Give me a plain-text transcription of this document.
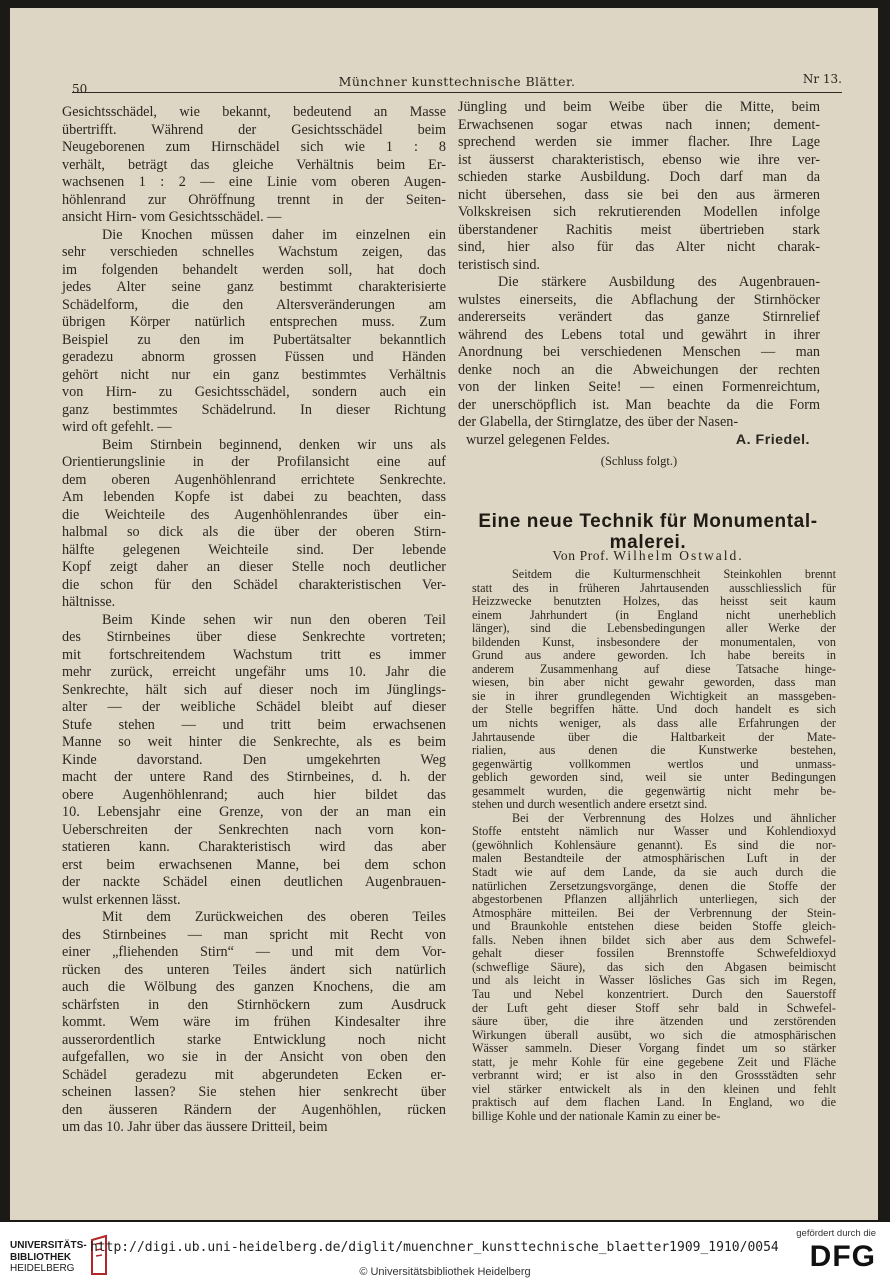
50	Münchner kunsttechnische Blätter.	Nr 13.

Gesichtsschädel, wie bekannt, bedeutend an Masse
übertrifft. Während der Gesichtsschädel beim
Neugeborenen zum Hirnschädel sich wie 1 : 8
verhält, beträgt das gleiche Verhältnis beim Er-
wachsenen 1 : 2 — eine Linie vom oberen Augen-
höhlenrand zur Ohröffnung trennt in der Seiten-
ansicht Hirn- vom Gesichtsschädel. —

Die Knochen müssen daher im einzelnen ein
sehr verschieden schnelles Wachstum zeigen, das
im folgenden behandelt werden soll, hat doch
jedes Alter seine ganz bestimmt charakterisierte
Schädelform, die den Altersveränderungen am
übrigen Körper natürlich entsprechen muss. Zum
Beispiel zu den im Pubertätsalter bekanntlich
geradezu abnorm grossen Füssen und Händen
gehört nicht nur ein ganz bestimmtes Verhältnis
von Hirn- zu Gesichtsschädel, sondern auch ein
ganz bestimmtes Schädelrund. In dieser Richtung
wird oft gefehlt. —

Beim Stirnbein beginnend, denken wir uns als
Orientierungslinie in der Profilansicht eine auf
dem oberen Augenhöhlenrand errichtete Senkrechte.
Am lebenden Kopfe ist dabei zu beachten, dass
die Weichteile des Augenhöhlenrandes über ein-
halbmal so dick als die über der oberen Stirn-
hälfte gelegenen Weichteile sind. Der lebende
Kopf zeigt daher an dieser Stelle noch deutlicher
die schon für den Schädel charakteristischen Ver-
hältnisse.

Beim Kinde sehen wir nun den oberen Teil
des Stirnbeines über diese Senkrechte vortreten;
mit fortschreitendem Wachstum tritt es immer
mehr zurück, erreicht ungefähr ums 10. Jahr die
Senkrechte, hält sich auf dieser noch im Jünglings-
alter — der weibliche Schädel bleibt auf dieser
Stufe stehen — und tritt beim erwachsenen
Manne so weit hinter die Senkrechte, als es beim
Kinde davorstand. Den umgekehrten Weg
macht der untere Rand des Stirnbeines, d. h. der
obere Augenhöhlenrand; auch hier bildet das
10. Lebensjahr eine Grenze, von der an man ein
Ueberschreiten der Senkrechten nach vorn kon-
statieren kann. Charakteristisch wird das aber
erst beim erwachsenen Manne, bei dem schon
der nackte Schädel einen deutlichen Augenbrauen-
wulst erkennen lässt.

Mit dem Zurückweichen des oberen Teiles
des Stirnbeines — man spricht mit Recht von
einer „fliehenden Stirn“ — und mit dem Vor-
rücken des unteren Teiles ändert sich natürlich
auch die Wölbung des ganzen Knochens, die am
schärfsten in den Stirnhöckern zum Ausdruck
kommt. Wem wäre im frühen Kindesalter ihre
ausserordentlich starke Entwicklung noch nicht
aufgefallen, wo sie in der Ansicht von oben den
Schädel geradezu mit abgerundeten Ecken er-
scheinen lassen? Sie stehen hier senkrecht über
den äusseren Rändern der Augenhöhlen, rücken
um das 10. Jahr über das äussere Dritteil, beim

Jüngling und beim Weibe über die Mitte, beim
Erwachsenen sogar etwas nach innen; dement-
sprechend werden sie immer flacher. Ihre Lage
ist äusserst charakteristisch, ebenso wie ihre ver-
schieden starke Ausbildung. Doch darf man da
nicht übersehen, dass sie bei den aus ärmeren
Volkskreisen sich rekrutierenden Modellen infolge
überstandener Rachitis meist übertrieben stark
sind, hier also für das Alter nicht charak-
teristisch sind.

Die stärkere Ausbildung des Augenbrauen-
wulstes einerseits, die Abflachung der Stirnhöcker
andererseits verändert das ganze Stirnrelief
während des Lebens total und gewährt in ihrer
Anordnung bei verschiedenen Menschen — man
denke noch an die Abweichungen der rechten
von der linken Seite! — einen Formenreichtum,
der unerschöpflich ist. Man beachte da die Form
der Glabella, der Stirnglatze, des über der Nasen-

wurzel gelegenen Feldes.	A. Friedel.
(Schluss folgt.)
Eine neue Technik für Monumental-
malerei.
Von Prof. Wilhelm Ostwald.

Seitdem die Kulturmenschheit Steinkohlen brennt
statt des in früheren Jahrtausenden ausschliesslich für
Heizzwecke benutzten Holzes, das heisst seit kaum
einem Jahrhundert (in England nicht unerheblich
länger), sind die Lebensbedingungen aller Werke der
bildenden Kunst, insbesondere der monumentalen, von
Grund aus andere geworden. Ich habe bereits in
anderem Zusammenhang auf diese Tatsache hinge-
wiesen, bin aber nicht gewahr geworden, dass man
sie in ihrer grundlegenden Wichtigkeit an massgeben-
der Stelle begriffen hätte. Und doch handelt es sich
um nichts weniger, als dass alle Erfahrungen der
Jahrtausende über die Haltbarkeit der Mate-
rialien, aus denen die Kunstwerke bestehen,
gegenwärtig vollkommen wertlos und unmass-
geblich geworden sind, weil sie unter Bedingungen
gesammelt wurden, die gegenwärtig nicht mehr be-
stehen und durch wesentlich andere ersetzt sind.

Bei der Verbrennung des Holzes und ähnlicher
Stoffe entsteht nämlich nur Wasser und Kohlendioxyd
(gewöhnlich Kohlensäure genannt). Es sind die nor-
malen Bestandteile der atmosphärischen Luft in der
Stadt wie auf dem Lande, da sie auch durch die
natürlichen Zersetzungsvorgänge, denen die Stoffe der
abgestorbenen Pflanzen alljährlich unterliegen, sich der
Atmosphäre mitteilen. Bei der Verbrennung der Stein-
und Braunkohle entstehen diese beiden Stoffe gleich-
falls. Neben ihnen bildet sich aber aus dem Schwefel-
gehalt dieser fossilen Brennstoffe Schwefeldioxyd
(schweflige Säure), das sich den Abgasen beimischt
und als leicht in Wasser lösliches Gas sich im Regen,
Tau und Nebel konzentriert. Durch den Sauerstoff
der Luft geht dieser Stoff sehr bald in Schwefel-
säure über, die ihre ätzenden und zerstörenden
Wirkungen überall ausübt, wo sich die atmosphärischen
Wässer sammeln. Dieser Vorgang findet um so stärker
statt, je mehr Kohle für eine gegebene Zeit und Fläche
verbrannt wird; er ist also in den Grossstädten sehr
viel stärker entwickelt als in den kleinen und fehlt
praktisch auf dem flachen Land. In England, wo die
billige Kohle und der nationale Kamin zu einer be-

UNIVERSITÄTS-
BIBLIOTHEK
HEIDELBERG
http://digi.ub.uni-heidelberg.de/diglit/muenchner_kunsttechnische_blaetter1909_1910/0054
© Universitätsbibliothek Heidelberg
gefördert durch die
DFG
